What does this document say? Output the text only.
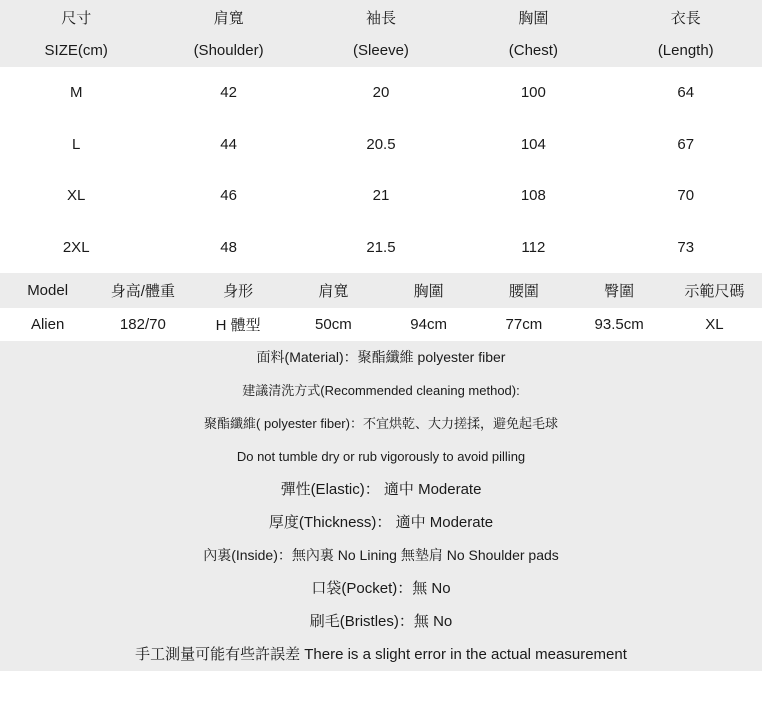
尺寸	肩寬	袖長	胸圍	衣長
SIZE(cm)	(Shoulder)	(Sleeve)	(Chest)	(Length)
M	42	20	100	64
L	44	20.5	104	67
XL	46	21	108	70
2XL	48	21.5	112	73
Model	身高/體重	身形	肩寬	胸圍	腰圍	臀圍	示範尺碼
Alien	182/70	H 體型	50cm	94cm	77cm	93.5cm	XL
面料(Material)：聚酯纖維 polyester fiber
建議清洗方式(Recommended cleaning method):
聚酯纖維( polyester fiber)：不宜烘乾、大力搓揉，避免起毛球
Do not tumble dry or rub vigorously to avoid pilling
彈性(Elastic)： 適中 Moderate
厚度(Thickness)： 適中 Moderate
內裏(Inside)：無內裏 No Lining 無墊肩 No Shoulder pads
口袋(Pocket)：無 No
刷毛(Bristles)：無 No
手工測量可能有些許誤差 There is a slight error in the actual measurement
